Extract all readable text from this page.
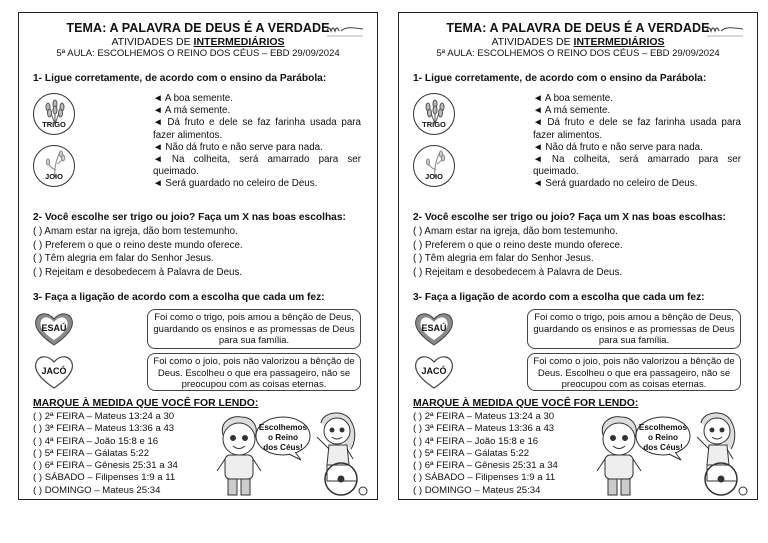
TEMA: A PALAVRA DE DEUS É A VERDADE
ATIVIDADES DE INTERMEDIÁRIOS
5ª AULA: ESCOLHEMOS O REINO DOS CÉUS – EBD 29/09/2024
1- Ligue corretamente, de acordo com o ensino da Parábola:
TRIGO
JOIO
◄ A boa semente.
◄ A má semente.
◄ Dá fruto e dele se faz farinha usada para fazer alimentos.
◄ Não dá fruto e não serve para nada.
◄ Na colheita, será amarrado para ser queimado.
◄ Será guardado no celeiro de Deus.
2- Você escolhe ser trigo ou joio? Faça um X nas boas escolhas:
( ) Amam estar na igreja, dão bom testemunho.
( ) Preferem o que o reino deste mundo oferece.
( ) Têm alegria em falar do Senhor Jesus.
( ) Rejeitam e desobedecem à Palavra de Deus.
3- Faça a ligação de acordo com a escolha que cada um fez:
ESAÚ
JACÓ
Foi como o trigo, pois amou a bênção de Deus, guardando os ensinos e as promessas de Deus para sua família.
Foi como o joio, pois não valorizou a bênção de Deus. Escolheu o que era passageiro, não se preocupou com as coisas eternas.
MARQUE À MEDIDA QUE VOCÊ FOR LENDO:
( ) 2ª FEIRA – Mateus 13:24 a 30
( ) 3ª FEIRA – Mateus 13:36 a 43
( ) 4ª FEIRA – João 15:8 e 16
( ) 5ª FEIRA – Gálatas 5:22
( ) 6ª FEIRA – Gênesis 25:31 a 34
( ) SÁBADO – Filipenses 1:9 a 11
( ) DOMINGO – Mateus 25:34
Escolhemos
o Reino
dos Céus!
TEMA: A PALAVRA DE DEUS É A VERDADE
ATIVIDADES DE INTERMEDIÁRIOS
5ª AULA: ESCOLHEMOS O REINO DOS CÉUS – EBD 29/09/2024
1- Ligue corretamente, de acordo com o ensino da Parábola:
TRIGO
JOIO
◄ A boa semente.
◄ A má semente.
◄ Dá fruto e dele se faz farinha usada para fazer alimentos.
◄ Não dá fruto e não serve para nada.
◄ Na colheita, será amarrado para ser queimado.
◄ Será guardado no celeiro de Deus.
2- Você escolhe ser trigo ou joio? Faça um X nas boas escolhas:
( ) Amam estar na igreja, dão bom testemunho.
( ) Preferem o que o reino deste mundo oferece.
( ) Têm alegria em falar do Senhor Jesus.
( ) Rejeitam e desobedecem à Palavra de Deus.
3- Faça a ligação de acordo com a escolha que cada um fez:
ESAÚ
JACÓ
Foi como o trigo, pois amou a bênção de Deus, guardando os ensinos e as promessas de Deus para sua família.
Foi como o joio, pois não valorizou a bênção de Deus. Escolheu o que era passageiro, não se preocupou com as coisas eternas.
MARQUE À MEDIDA QUE VOCÊ FOR LENDO:
( ) 2ª FEIRA – Mateus 13:24 a 30
( ) 3ª FEIRA – Mateus 13:36 a 43
( ) 4ª FEIRA – João 15:8 e 16
( ) 5ª FEIRA – Gálatas 5:22
( ) 6ª FEIRA – Gênesis 25:31 a 34
( ) SÁBADO – Filipenses 1:9 a 11
( ) DOMINGO – Mateus 25:34
Escolhemos
o Reino
dos Céus!
